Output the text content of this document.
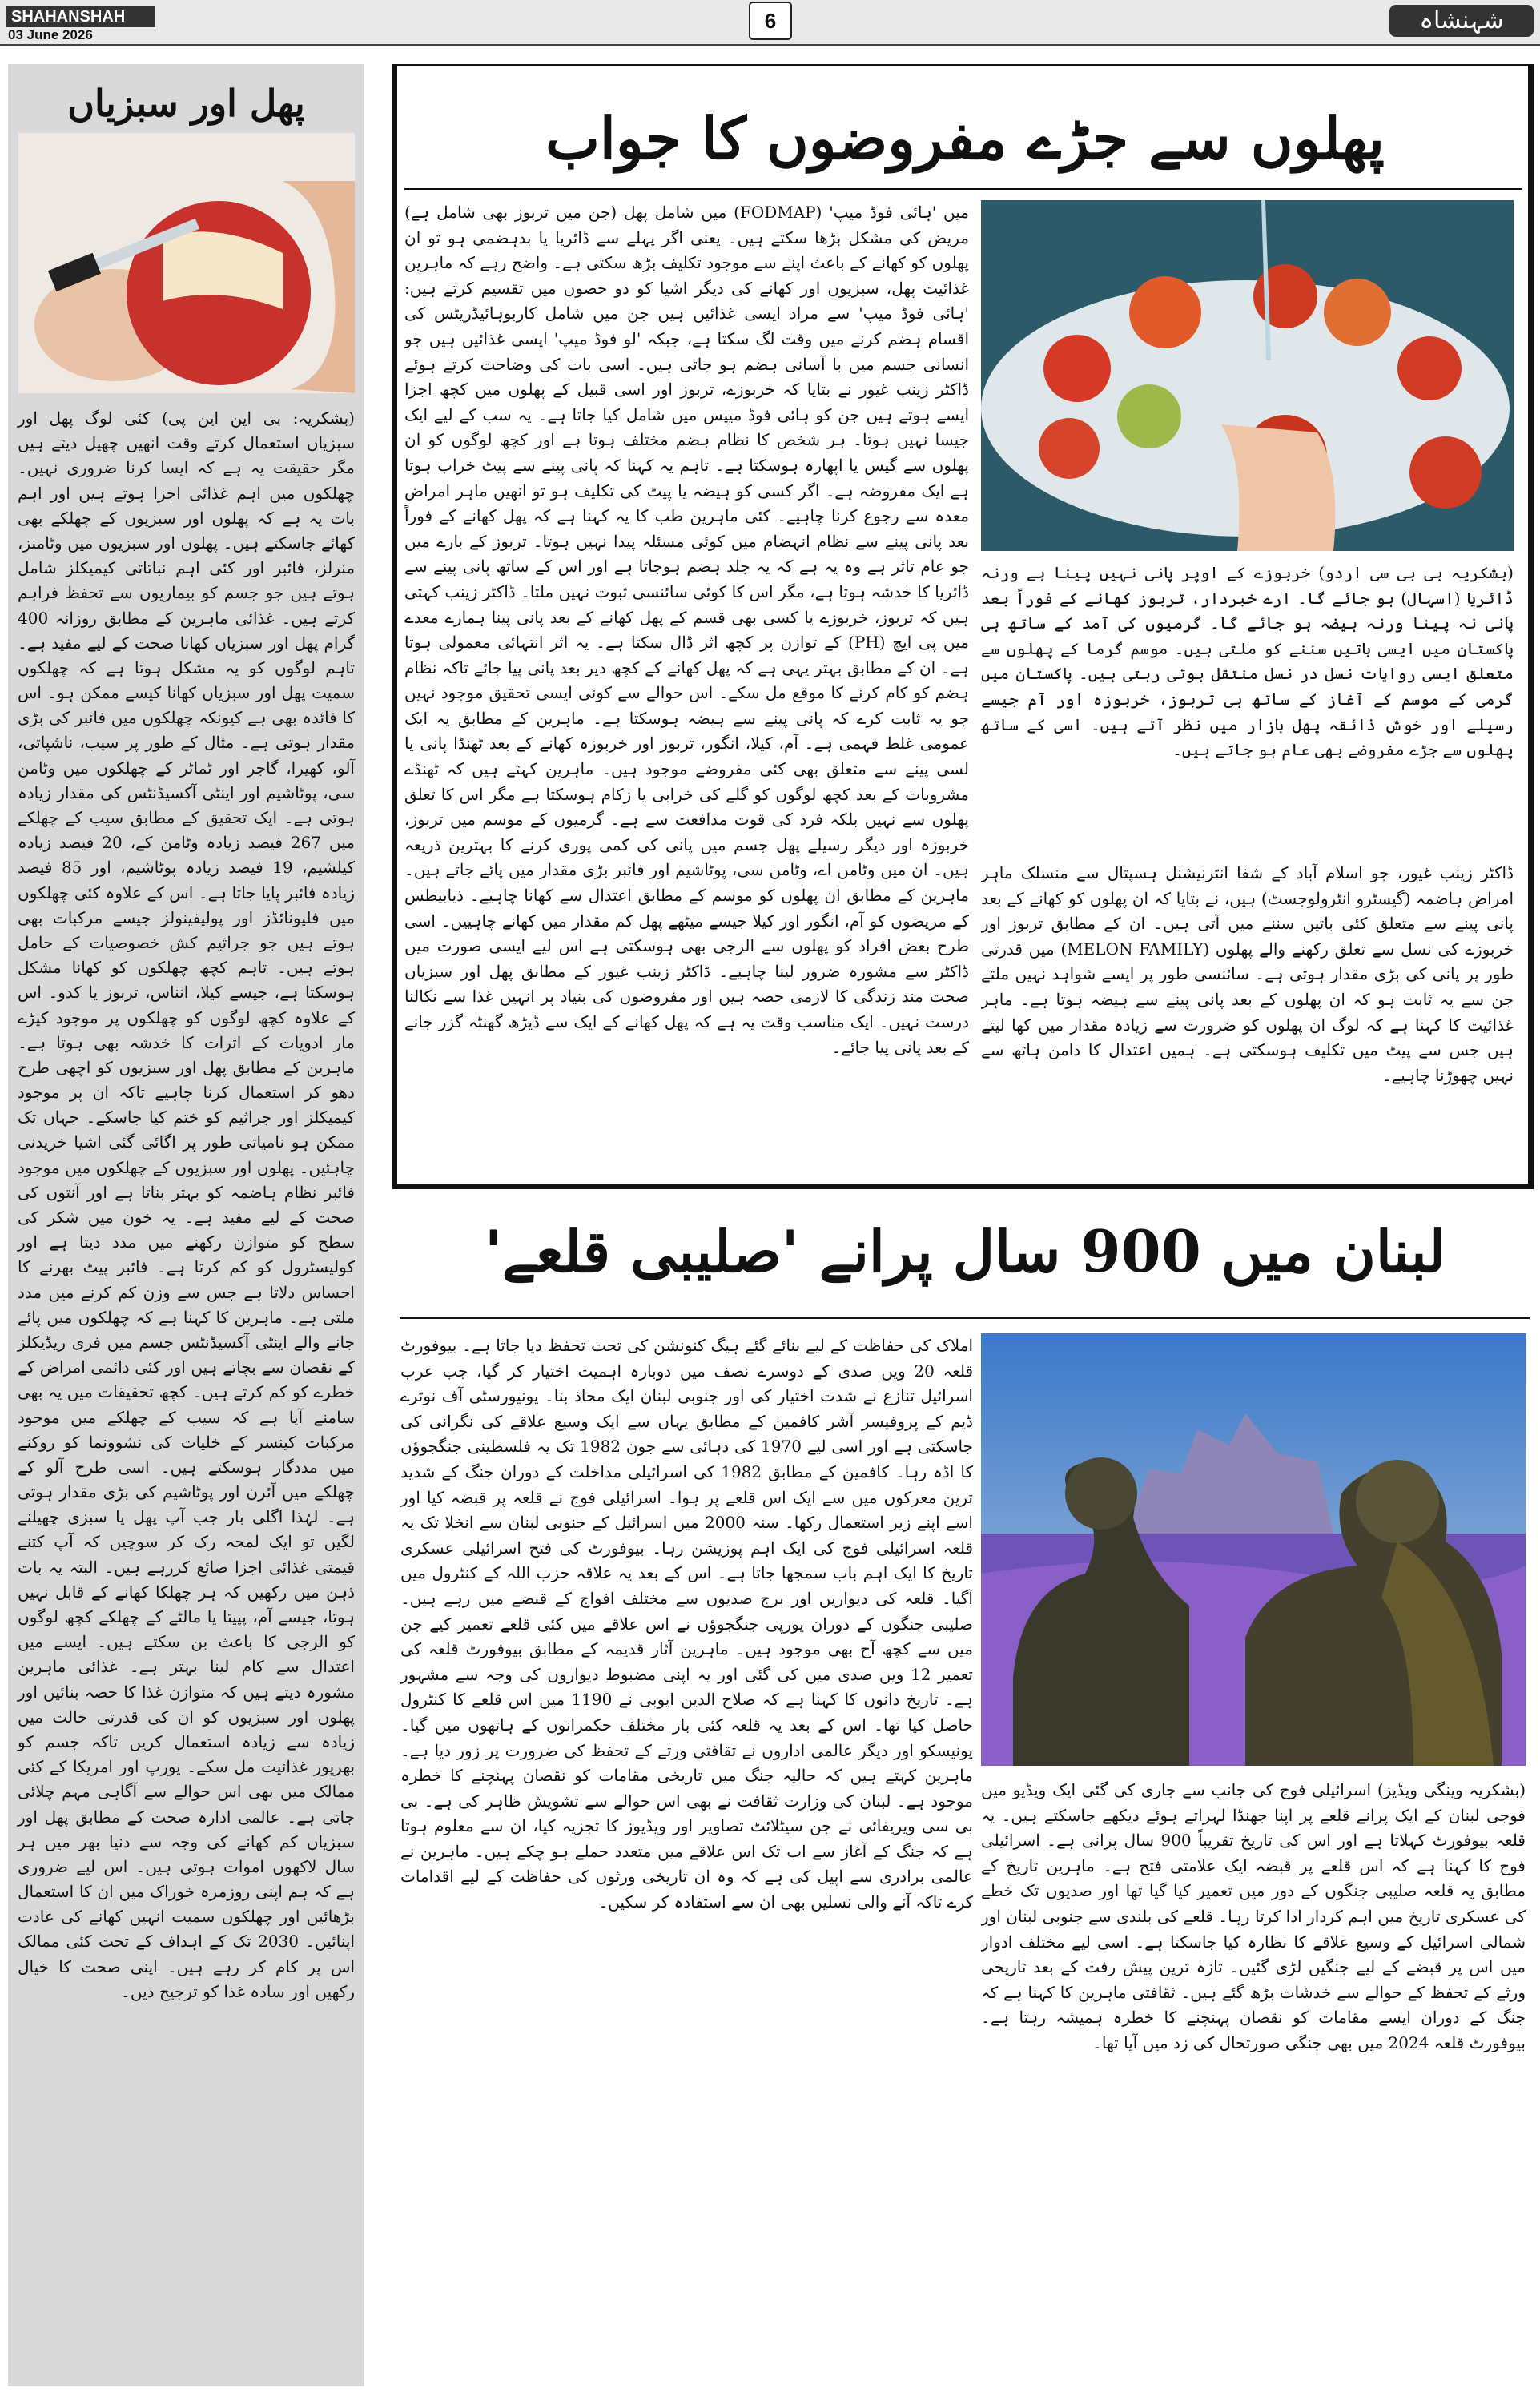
SHAHANSHAH
03 June 2026
6	شہنشاہ
پھل اور سبزیاں

(بشکریہ: بی این این پی) کئی لوگ پھل اور سبزیاں استعمال کرتے وقت انھیں چھیل دیتے ہیں مگر حقیقت یہ ہے کہ ایسا کرنا ضروری نہیں۔ چھلکوں میں اہم غذائی اجزا ہوتے ہیں اور اہم بات یہ ہے کہ پھلوں اور سبزیوں کے چھلکے بھی کھائے جاسکتے ہیں۔ پھلوں اور سبزیوں میں وٹامنز، منرلز، فائبر اور کئی اہم نباتاتی کیمیکلز شامل ہوتے ہیں جو جسم کو بیماریوں سے تحفظ فراہم کرتے ہیں۔ غذائی ماہرین کے مطابق روزانہ 400 گرام پھل اور سبزیاں کھانا صحت کے لیے مفید ہے۔ تاہم لوگوں کو یہ مشکل ہوتا ہے کہ چھلکوں سمیت پھل اور سبزیاں کھانا کیسے ممکن ہو۔ اس کا فائدہ بھی ہے کیونکہ چھلکوں میں فائبر کی بڑی مقدار ہوتی ہے۔ مثال کے طور پر سیب، ناشپاتی، آلو، کھیرا، گاجر اور ٹماٹر کے چھلکوں میں وٹامن سی، پوٹاشیم اور اینٹی آکسیڈنٹس کی مقدار زیادہ ہوتی ہے۔ ایک تحقیق کے مطابق سیب کے چھلکے میں 267 فیصد زیادہ وٹامن کے، 20 فیصد زیادہ کیلشیم، 19 فیصد زیادہ پوٹاشیم، اور 85 فیصد زیادہ فائبر پایا جاتا ہے۔ اس کے علاوہ کئی چھلکوں میں فلیونائڈز اور پولیفینولز جیسے مرکبات بھی ہوتے ہیں جو جراثیم کش خصوصیات کے حامل ہوتے ہیں۔ تاہم کچھ چھلکوں کو کھانا مشکل ہوسکتا ہے، جیسے کیلا، انناس، تربوز یا کدو۔ اس کے علاوہ کچھ لوگوں کو چھلکوں پر موجود کیڑے مار ادویات کے اثرات کا خدشہ بھی ہوتا ہے۔ ماہرین کے مطابق پھل اور سبزیوں کو اچھی طرح دھو کر استعمال کرنا چاہیے تاکہ ان پر موجود کیمیکلز اور جراثیم کو ختم کیا جاسکے۔ جہاں تک ممکن ہو نامیاتی طور پر اگائی گئی اشیا خریدنی چاہئیں۔ پھلوں اور سبزیوں کے چھلکوں میں موجود فائبر نظام ہاضمہ کو بہتر بناتا ہے اور آنتوں کی صحت کے لیے مفید ہے۔ یہ خون میں شکر کی سطح کو متوازن رکھنے میں مدد دیتا ہے اور کولیسٹرول کو کم کرتا ہے۔ فائبر پیٹ بھرنے کا احساس دلاتا ہے جس سے وزن کم کرنے میں مدد ملتی ہے۔ ماہرین کا کہنا ہے کہ چھلکوں میں پائے جانے والے اینٹی آکسیڈنٹس جسم میں فری ریڈیکلز کے نقصان سے بچاتے ہیں اور کئی دائمی امراض کے خطرے کو کم کرتے ہیں۔ کچھ تحقیقات میں یہ بھی سامنے آیا ہے کہ سیب کے چھلکے میں موجود مرکبات کینسر کے خلیات کی نشوونما کو روکنے میں مددگار ہوسکتے ہیں۔ اسی طرح آلو کے چھلکے میں آئرن اور پوٹاشیم کی بڑی مقدار ہوتی ہے۔ لہٰذا اگلی بار جب آپ پھل یا سبزی چھیلنے لگیں تو ایک لمحہ رک کر سوچیں کہ آپ کتنے قیمتی غذائی اجزا ضائع کررہے ہیں۔ البتہ یہ بات ذہن میں رکھیں کہ ہر چھلکا کھانے کے قابل نہیں ہوتا، جیسے آم، پپیتا یا مالٹے کے چھلکے کچھ لوگوں کو الرجی کا باعث بن سکتے ہیں۔ ایسے میں اعتدال سے کام لینا بہتر ہے۔ غذائی ماہرین مشورہ دیتے ہیں کہ متوازن غذا کا حصہ بنائیں اور پھلوں اور سبزیوں کو ان کی قدرتی حالت میں زیادہ سے زیادہ استعمال کریں تاکہ جسم کو بھرپور غذائیت مل سکے۔ یورپ اور امریکا کے کئی ممالک میں بھی اس حوالے سے آگاہی مہم چلائی جاتی ہے۔ عالمی ادارہ صحت کے مطابق پھل اور سبزیاں کم کھانے کی وجہ سے دنیا بھر میں ہر سال لاکھوں اموات ہوتی ہیں۔ اس لیے ضروری ہے کہ ہم اپنی روزمرہ خوراک میں ان کا استعمال بڑھائیں اور چھلکوں سمیت انہیں کھانے کی عادت اپنائیں۔ 2030 تک کے اہداف کے تحت کئی ممالک اس پر کام کر رہے ہیں۔ اپنی صحت کا خیال رکھیں اور سادہ غذا کو ترجیح دیں۔

پھلوں سے جڑے مفروضوں کا جواب

(بشکریہ بی بی سی اردو) خربوزے کے اوپر پانی نہیں پینا ہے ورنہ ڈائریا (اسہال) ہو جائے گا۔ ارے خبردار، تربوز کھانے کے فوراً بعد پانی نہ پینا ورنہ ہیضہ ہو جائے گا۔ گرمیوں کی آمد کے ساتھ ہی پاکستان میں ایسی باتیں سننے کو ملتی ہیں۔ موسم گرما کے پھلوں سے متعلق ایسی روایات نسل در نسل منتقل ہوتی رہتی ہیں۔ پاکستان میں گرمی کے موسم کے آغاز کے ساتھ ہی تربوز، خربوزہ اور آم جیسے رسیلے اور خوش ذائقہ پھل بازار میں نظر آتے ہیں۔ اسی کے ساتھ پھلوں سے جڑے مفروضے بھی عام ہو جاتے ہیں۔

ڈاکٹر زینب غیور، جو اسلام آباد کے شفا انٹرنیشنل ہسپتال سے منسلک ماہر امراض ہاضمہ (گیسٹرو انٹرولوجسٹ) ہیں، نے بتایا کہ ان پھلوں کو کھانے کے بعد پانی پینے سے متعلق کئی باتیں سننے میں آتی ہیں۔ ان کے مطابق تربوز اور خربوزے کی نسل سے تعلق رکھنے والے پھلوں (MELON FAMILY) میں قدرتی طور پر پانی کی بڑی مقدار ہوتی ہے۔ سائنسی طور پر ایسے شواہد نہیں ملتے جن سے یہ ثابت ہو کہ ان پھلوں کے بعد پانی پینے سے ہیضہ ہوتا ہے۔ ماہر غذائیت کا کہنا ہے کہ لوگ ان پھلوں کو ضرورت سے زیادہ مقدار میں کھا لیتے ہیں جس سے پیٹ میں تکلیف ہوسکتی ہے۔ ہمیں اعتدال کا دامن ہاتھ سے نہیں چھوڑنا چاہیے۔

میں 'ہائی فوڈ میپ' (FODMAP) میں شامل پھل (جن میں تربوز بھی شامل ہے) مریض کی مشکل بڑھا سکتے ہیں۔ یعنی اگر پہلے سے ڈائریا یا بدہضمی ہو تو ان پھلوں کو کھانے کے باعث اپنے سے موجود تکلیف بڑھ سکتی ہے۔ واضح رہے کہ ماہرین غذائیت پھل، سبزیوں اور کھانے کی دیگر اشیا کو دو حصوں میں تقسیم کرتے ہیں: 'ہائی فوڈ میپ' سے مراد ایسی غذائیں ہیں جن میں شامل کاربوہائیڈریٹس کی اقسام ہضم کرنے میں وقت لگ سکتا ہے، جبکہ 'لو فوڈ میپ' ایسی غذائیں ہیں جو انسانی جسم میں با آسانی ہضم ہو جاتی ہیں۔ اسی بات کی وضاحت کرتے ہوئے ڈاکٹر زینب غیور نے بتایا کہ خربوزے، تربوز اور اسی قبیل کے پھلوں میں کچھ اجزا ایسے ہوتے ہیں جن کو ہائی فوڈ میپس میں شامل کیا جاتا ہے۔ یہ سب کے لیے ایک جیسا نہیں ہوتا۔ ہر شخص کا نظام ہضم مختلف ہوتا ہے اور کچھ لوگوں کو ان پھلوں سے گیس یا اپھارہ ہوسکتا ہے۔ تاہم یہ کہنا کہ پانی پینے سے پیٹ خراب ہوتا ہے ایک مفروضہ ہے۔ اگر کسی کو ہیضہ یا پیٹ کی تکلیف ہو تو انھیں ماہر امراض معدہ سے رجوع کرنا چاہیے۔ کئی ماہرین طب کا یہ کہنا ہے کہ پھل کھانے کے فوراً بعد پانی پینے سے نظام انہضام میں کوئی مسئلہ پیدا نہیں ہوتا۔ تربوز کے بارے میں جو عام تاثر ہے وہ یہ ہے کہ یہ جلد ہضم ہوجاتا ہے اور اس کے ساتھ پانی پینے سے ڈائریا کا خدشہ ہوتا ہے، مگر اس کا کوئی سائنسی ثبوت نہیں ملتا۔ ڈاکٹر زینب کہتی ہیں کہ تربوز، خربوزے یا کسی بھی قسم کے پھل کھانے کے بعد پانی پینا ہمارے معدے میں پی ایچ (PH) کے توازن پر کچھ اثر ڈال سکتا ہے۔ یہ اثر انتہائی معمولی ہوتا ہے۔ ان کے مطابق بہتر یہی ہے کہ پھل کھانے کے کچھ دیر بعد پانی پیا جائے تاکہ نظام ہضم کو کام کرنے کا موقع مل سکے۔ اس حوالے سے کوئی ایسی تحقیق موجود نہیں جو یہ ثابت کرے کہ پانی پینے سے ہیضہ ہوسکتا ہے۔ ماہرین کے مطابق یہ ایک عمومی غلط فہمی ہے۔ آم، کیلا، انگور، تربوز اور خربوزہ کھانے کے بعد ٹھنڈا پانی یا لسی پینے سے متعلق بھی کئی مفروضے موجود ہیں۔ ماہرین کہتے ہیں کہ ٹھنڈے مشروبات کے بعد کچھ لوگوں کو گلے کی خرابی یا زکام ہوسکتا ہے مگر اس کا تعلق پھلوں سے نہیں بلکہ فرد کی قوت مدافعت سے ہے۔ گرمیوں کے موسم میں تربوز، خربوزہ اور دیگر رسیلے پھل جسم میں پانی کی کمی پوری کرنے کا بہترین ذریعہ ہیں۔ ان میں وٹامن اے، وٹامن سی، پوٹاشیم اور فائبر بڑی مقدار میں پائے جاتے ہیں۔ ماہرین کے مطابق ان پھلوں کو موسم کے مطابق اعتدال سے کھانا چاہیے۔ ذیابیطس کے مریضوں کو آم، انگور اور کیلا جیسے میٹھے پھل کم مقدار میں کھانے چاہییں۔ اسی طرح بعض افراد کو پھلوں سے الرجی بھی ہوسکتی ہے اس لیے ایسی صورت میں ڈاکٹر سے مشورہ ضرور لینا چاہیے۔ ڈاکٹر زینب غیور کے مطابق پھل اور سبزیاں صحت مند زندگی کا لازمی حصہ ہیں اور مفروضوں کی بنیاد پر انہیں غذا سے نکالنا درست نہیں۔ ایک مناسب وقت یہ ہے کہ پھل کھانے کے ایک سے ڈیڑھ گھنٹہ گزر جانے کے بعد پانی پیا جائے۔

لبنان میں 900 سال پرانے 'صلیبی قلعے'

املاک کی حفاظت کے لیے بنائے گئے ہیگ کنونشن کی تحت تحفظ دیا جاتا ہے۔ بیوفورٹ قلعہ 20 ویں صدی کے دوسرے نصف میں دوبارہ اہمیت اختیار کر گیا، جب عرب اسرائیل تنازع نے شدت اختیار کی اور جنوبی لبنان ایک محاذ بنا۔ یونیورسٹی آف نوٹرے ڈیم کے پروفیسر آشر کافمین کے مطابق یہاں سے ایک وسیع علاقے کی نگرانی کی جاسکتی ہے اور اسی لیے 1970 کی دہائی سے جون 1982 تک یہ فلسطینی جنگجوؤں کا اڈہ رہا۔ کافمین کے مطابق 1982 کی اسرائیلی مداخلت کے دوران جنگ کے شدید ترین معرکوں میں سے ایک اس قلعے پر ہوا۔ اسرائیلی فوج نے قلعہ پر قبضہ کیا اور اسے اپنے زیر استعمال رکھا۔ سنہ 2000 میں اسرائیل کے جنوبی لبنان سے انخلا تک یہ قلعہ اسرائیلی فوج کی ایک اہم پوزیشن رہا۔ بیوفورٹ کی فتح اسرائیلی عسکری تاریخ کا ایک اہم باب سمجھا جاتا ہے۔ اس کے بعد یہ علاقہ حزب اللہ کے کنٹرول میں آگیا۔ قلعہ کی دیواریں اور برج صدیوں سے مختلف افواج کے قبضے میں رہے ہیں۔ صلیبی جنگوں کے دوران یورپی جنگجوؤں نے اس علاقے میں کئی قلعے تعمیر کیے جن میں سے کچھ آج بھی موجود ہیں۔ ماہرین آثار قدیمہ کے مطابق بیوفورٹ قلعہ کی تعمیر 12 ویں صدی میں کی گئی اور یہ اپنی مضبوط دیواروں کی وجہ سے مشہور ہے۔ تاریخ دانوں کا کہنا ہے کہ صلاح الدین ایوبی نے 1190 میں اس قلعے کا کنٹرول حاصل کیا تھا۔ اس کے بعد یہ قلعہ کئی بار مختلف حکمرانوں کے ہاتھوں میں گیا۔ یونیسکو اور دیگر عالمی اداروں نے ثقافتی ورثے کے تحفظ کی ضرورت پر زور دیا ہے۔ ماہرین کہتے ہیں کہ حالیہ جنگ میں تاریخی مقامات کو نقصان پہنچنے کا خطرہ موجود ہے۔ لبنان کی وزارت ثقافت نے بھی اس حوالے سے تشویش ظاہر کی ہے۔ بی بی سی ویریفائی نے جن سیٹلائٹ تصاویر اور ویڈیوز کا تجزیہ کیا، ان سے معلوم ہوتا ہے کہ جنگ کے آغاز سے اب تک اس علاقے میں متعدد حملے ہو چکے ہیں۔ ماہرین نے عالمی برادری سے اپیل کی ہے کہ وہ ان تاریخی ورثوں کی حفاظت کے لیے اقدامات کرے تاکہ آنے والی نسلیں بھی ان سے استفادہ کر سکیں۔

(بشکریہ وینگی ویڈیز) اسرائیلی فوج کی جانب سے جاری کی گئی ایک ویڈیو میں فوجی لبنان کے ایک پرانے قلعے پر اپنا جھنڈا لہراتے ہوئے دیکھے جاسکتے ہیں۔ یہ قلعہ بیوفورٹ کہلاتا ہے اور اس کی تاریخ تقریباً 900 سال پرانی ہے۔ اسرائیلی فوج کا کہنا ہے کہ اس قلعے پر قبضہ ایک علامتی فتح ہے۔ ماہرین تاریخ کے مطابق یہ قلعہ صلیبی جنگوں کے دور میں تعمیر کیا گیا تھا اور صدیوں تک خطے کی عسکری تاریخ میں اہم کردار ادا کرتا رہا۔ قلعے کی بلندی سے جنوبی لبنان اور شمالی اسرائیل کے وسیع علاقے کا نظارہ کیا جاسکتا ہے۔ اسی لیے مختلف ادوار میں اس پر قبضے کے لیے جنگیں لڑی گئیں۔ تازہ ترین پیش رفت کے بعد تاریخی ورثے کے تحفظ کے حوالے سے خدشات بڑھ گئے ہیں۔ ثقافتی ماہرین کا کہنا ہے کہ جنگ کے دوران ایسے مقامات کو نقصان پہنچنے کا خطرہ ہمیشہ رہتا ہے۔ بیوفورٹ قلعہ 2024 میں بھی جنگی صورتحال کی زد میں آیا تھا۔
